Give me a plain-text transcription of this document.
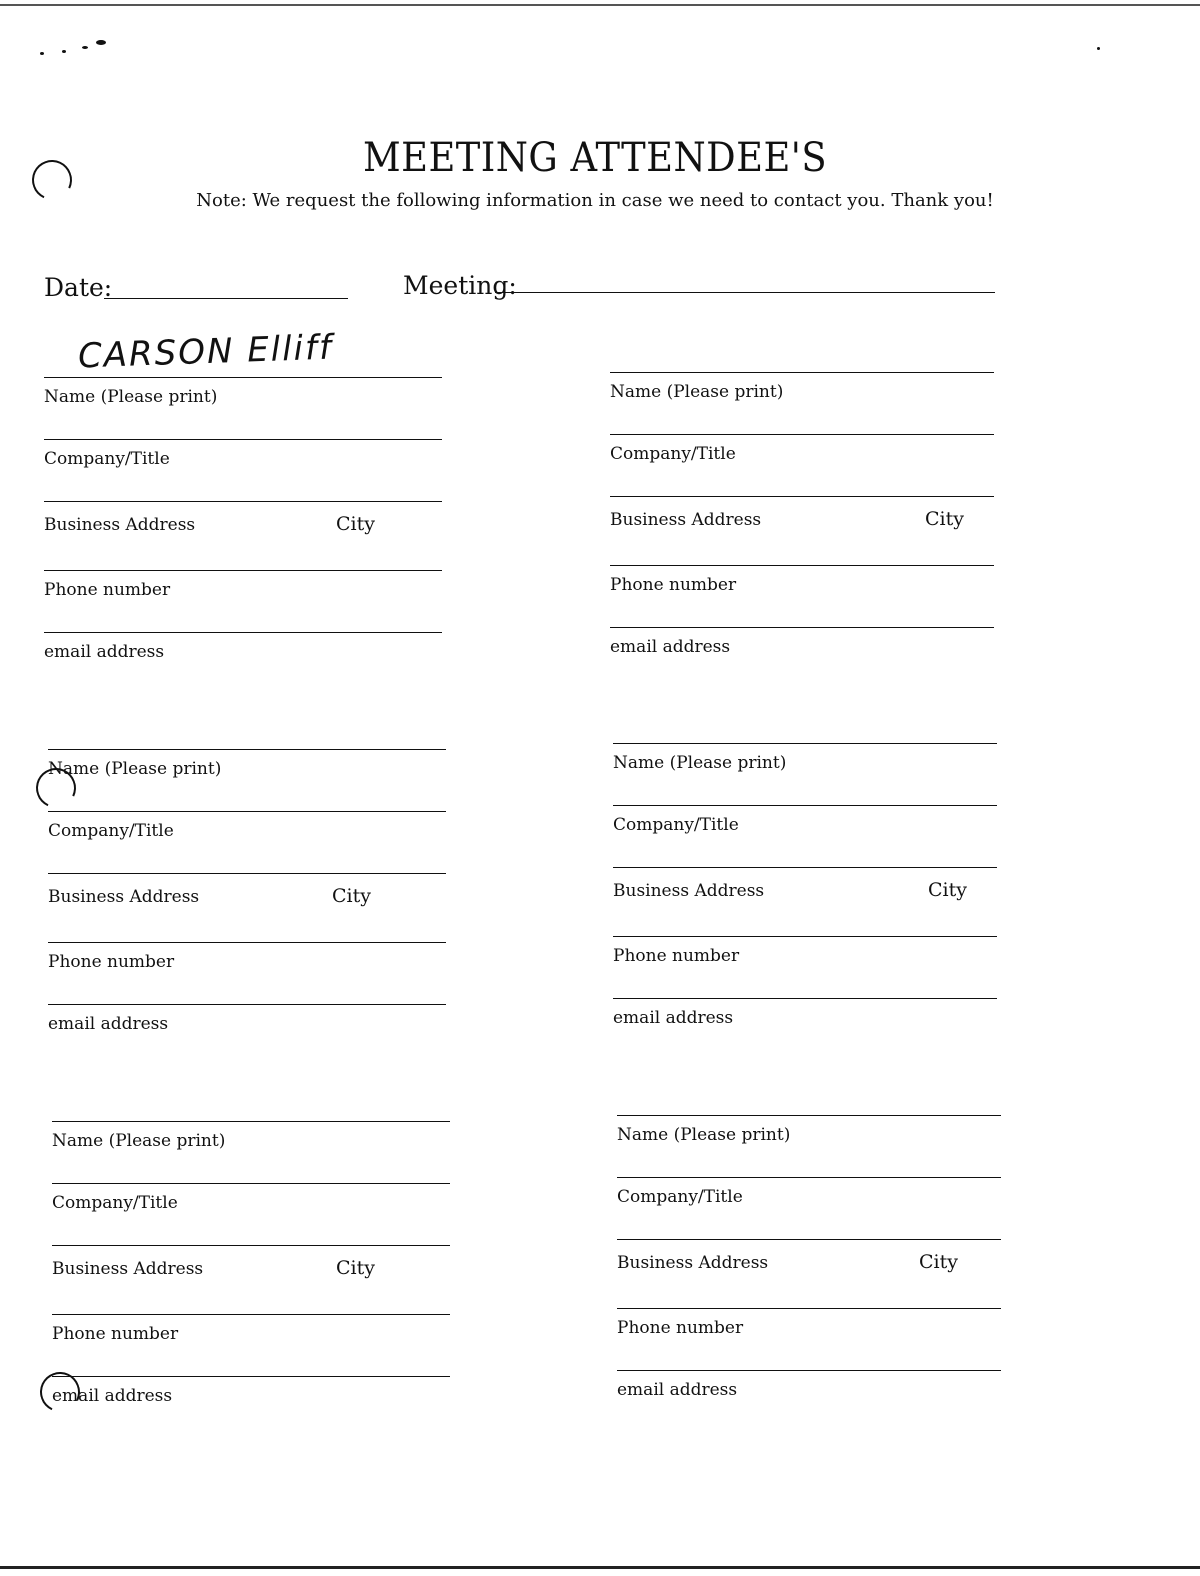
MEETING ATTENDEE'S
Note: We request the following information in case we need to contact you. Thank you!
Date:	Meeting:
CARSON Elliff
Name (Please print)
Company/Title
Business Address	City
Phone number
email address
Name (Please print)
Company/Title
Business Address	City
Phone number
email address
Name (Please print)
Company/Title
Business Address	City
Phone number
email address
Name (Please print)
Company/Title
Business Address	City
Phone number
email address
Name (Please print)
Company/Title
Business Address	City
Phone number
email address
Name (Please print)
Company/Title
Business Address	City
Phone number
email address
